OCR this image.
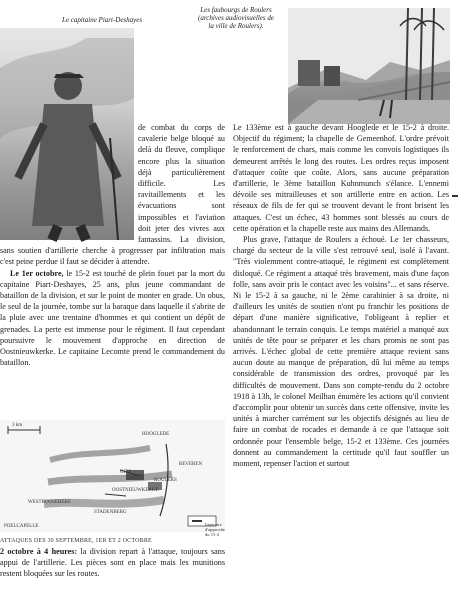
Le capitaine Piart-Deshayes
Les faubourgs de Roulers
(archives audiovisuelles de
la ville de Roulers).

de combat du corps de cavalerie belge bloqué au delà du fleuve, complique encore plus la situation déjà particulièrement difficile. Les ravitaillements et les évacuations sont impossibles et l'aviation doit jeter des vivres aux fantassins. La division, sans soutien d'artillerie cherche à progresser par infiltration mais c'est peine perdue il faut se décider à attendre.

Le 1er octobre, le 15-2 est touché de plein fouet par la mort du capitaine Piart-Deshayes, 25 ans, plus jeune commandant de bataillon de la division, et sur le point de monter en grade. Un obus, le seul de la journée, tombe sur la baraque dans laquelle il s'abrite de la pluie avec une trentaine d'hommes et qui contient un dépôt de grenades. La perte est immense pour le régiment. Il faut cependant poursuivre le mouvement d'approche en direction de Oostnieuwkerke. Le capitaine Lecomte prend le commandement du bataillon.

3 km
HOOGLEDE
BEVEREN
GITS
ROULERS
OOSTNIEUWKERKE
WESTROOSEBEKE
POELCAPELLE
STADENBERG
Itinéraire d'approche du 15-2
ATTAQUES DES 30 SEPTEMBRE, 1ER ET 2 OCTOBRE

2 octobre à 4 heures: la division repart à l'attaque, toujours sans appui de l'artillerie. Les pièces sont en place mais les munitions restent bloquées sur les routes.

Le 133ème est à gauche devant Hooglede et le 15-2 à droite. Objectif du régiment; la chapelle de Gemeenhof. L'ordre prévoit le renforcement de chars, mais comme les convois logistiques ils demeurent arrêtés le long des routes. Les ordres reçus imposent d'attaquer coûte que coûte. Alors, sans aucune préparation d'artillerie, le 3ème bataillon Kuhnmunch s'élance. L'ennemi dévoile ses mitrailleuses et son artillerie entre en action. Les réseaux de fils de fer qui se trouvent devant le front brisent les attaques. C'est un échec, 43 hommes sont blessés au cours de cette opération et la chapelle reste aux mains des Allemands.

Plus grave, l'attaque de Roulers a échoué. Le 1er chasseurs, chargé du secteur de la ville s'est retrouvé seul, isolé à l'avant. "Très violemment contre-attaqué, le régiment est complètement disloqué. Ce régiment a attaqué très bravement, mais d'une façon folle, sans avoir pris le contact avec les voisins"... et sans réserve. Ni le 15-2 à sa gauche, ni le 2ème carabinier à sa droite, ni d'ailleurs les unités de soutien n'ont pu franchir les positions de départ d'une manière significative, l'obligeant à replier et abandonnant le terrain conquis. Le temps matériel a manqué aux unités de tête pour se préparer et les chars promis ne sont pas arrivés. L'échec global de cette première attaque revient sans aucun doute au manque de préparation, dû lui même au temps considérable de transmission des ordres, provoqué par les difficultés de mouvement. Dans son compte-rendu du 2 octobre 1918 à 13h, le colonel Meilhan énumère les actions qu'il convient d'accomplir pour obtenir un succès dans cette offensive, invite les unités à marcher carrément sur les objectifs désignés au lieu de faire un combat de rocades et demande à ce que l'attaque soit ordonnée pour l'ensemble belge, 15-2 et 133ème. Ces journées donnent au commandement la certitude qu'il faut souffler un moment, repenser l'action et surtout
